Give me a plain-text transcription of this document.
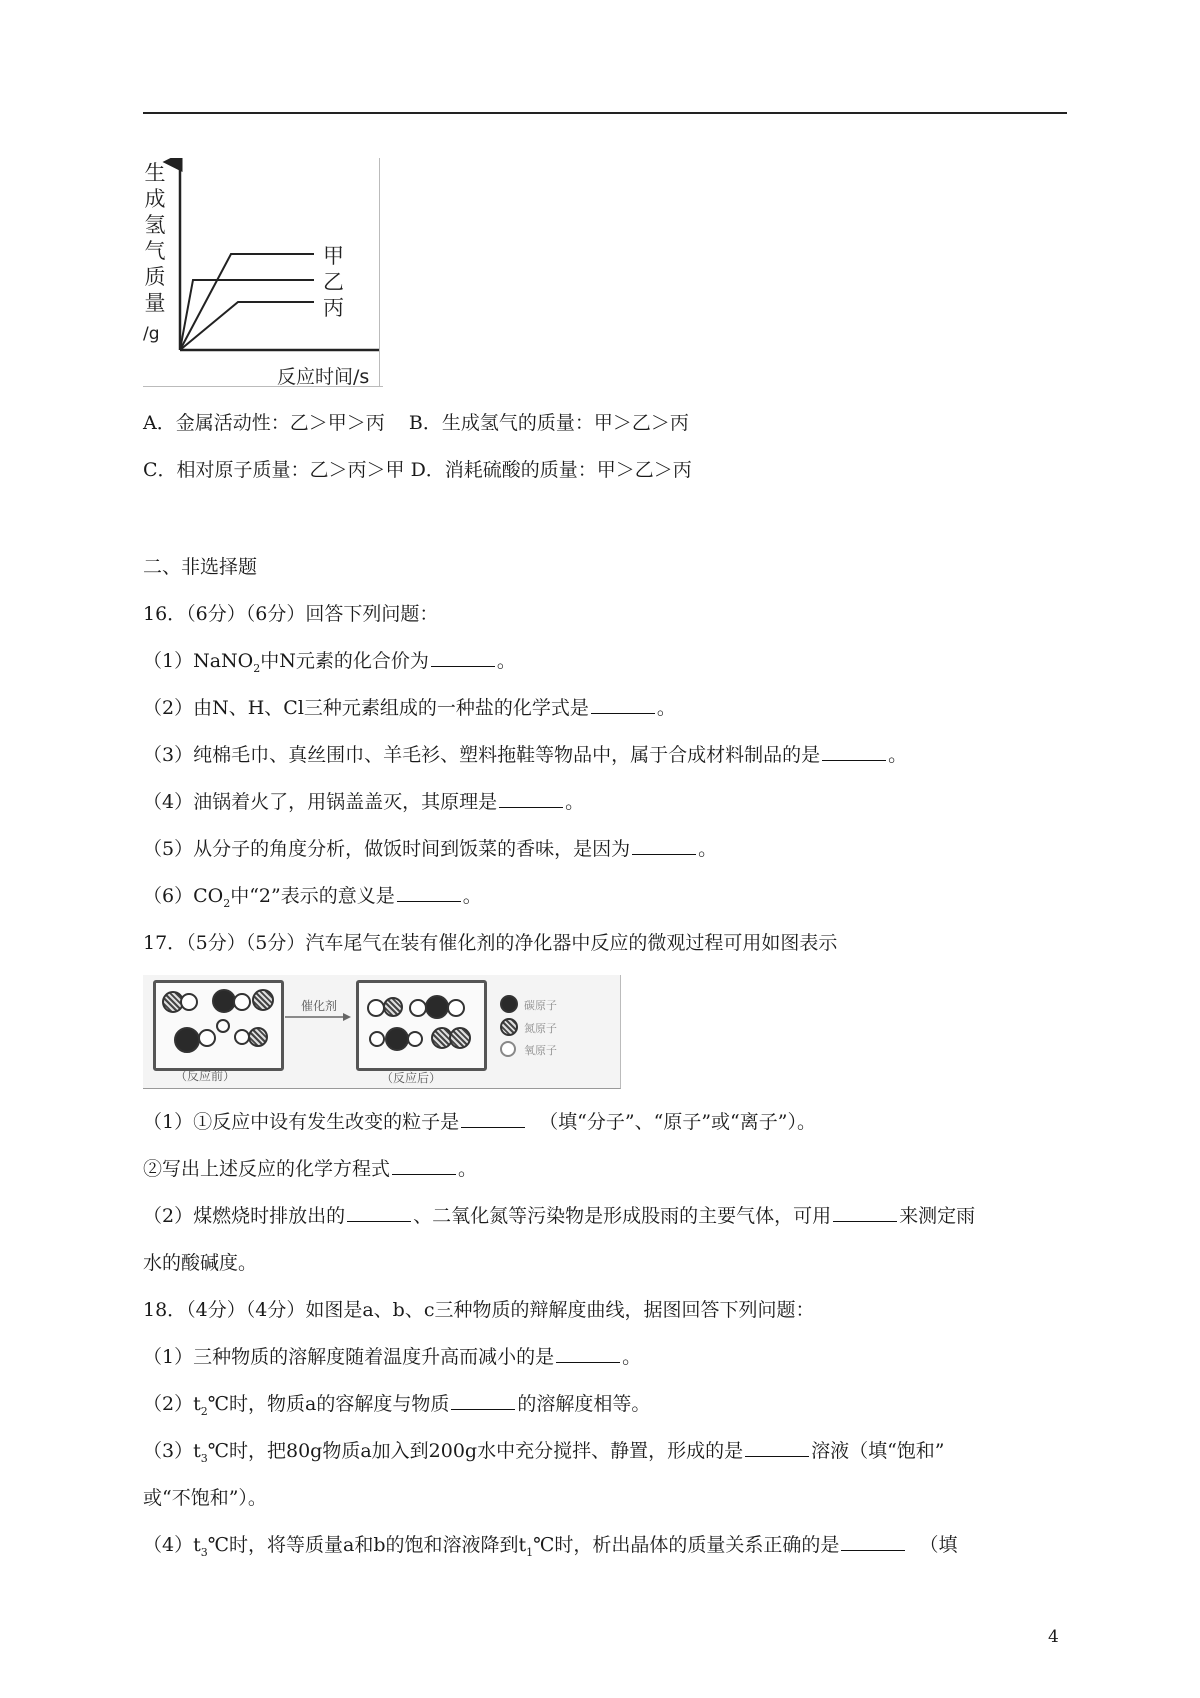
生
成
氢
气
质
量
/g
反应时间/s
甲
乙
丙
A．金属活动性：乙＞甲＞丙    B．生成氢气的质量：甲＞乙＞丙
C．相对原子质量：乙＞丙＞甲 D．消耗硫酸的质量：甲＞乙＞丙
二、非选择题
16．（6分）（6分）回答下列问题：
（1）NaNO$_2$中N元素的化合价为	。
（2）由N、H、Cl三种元素组成的一种盐的化学式是	。
（3）纯棉毛巾、真丝围巾、羊毛衫、塑料拖鞋等物品中，属于合成材料制品的是	。
（4）油锅着火了，用锅盖盖灭，其原理是	。
（5）从分子的角度分析，做饭时间到饭菜的香味，是因为	。
$(6)CO_2$中“2”表示的意义是	。
17．（5分）（5分）汽车尾气在装有催化剂的净化器中反应的微观过程可用如图表示
（反应前）
催化剂
（反应后）
碳原子
氮原子
氧原子
（1）①反应中设有发生改变的粒子是	（填“分子”、“原子”或“离子”）。
②写出上述反应的化学方程式	。
（2）煤燃烧时排放出的	、二氧化氮等污染物是形成股雨的主要气体，可用	来测定雨
水的酸碱度。
18．（4分）（4分）如图是a、b、c三种物质的辩解度曲线，据图回答下列问题：
（1）三种物质的溶解度随着温度升高而减小的是	。
$(2)t_2℃$时，物质a的容解度与物质	的溶解度相等。
$(3)t_3℃$时，把80g物质a加入到200g水中充分搅拌、静置，形成的是	溶液（填“饱和”
或“不饱和”）。
$(4)t_3℃$时，将等质量a和b的饱和溶液降到$t_1℃$时，析出晶体的质量关系正确的是	（填
4
